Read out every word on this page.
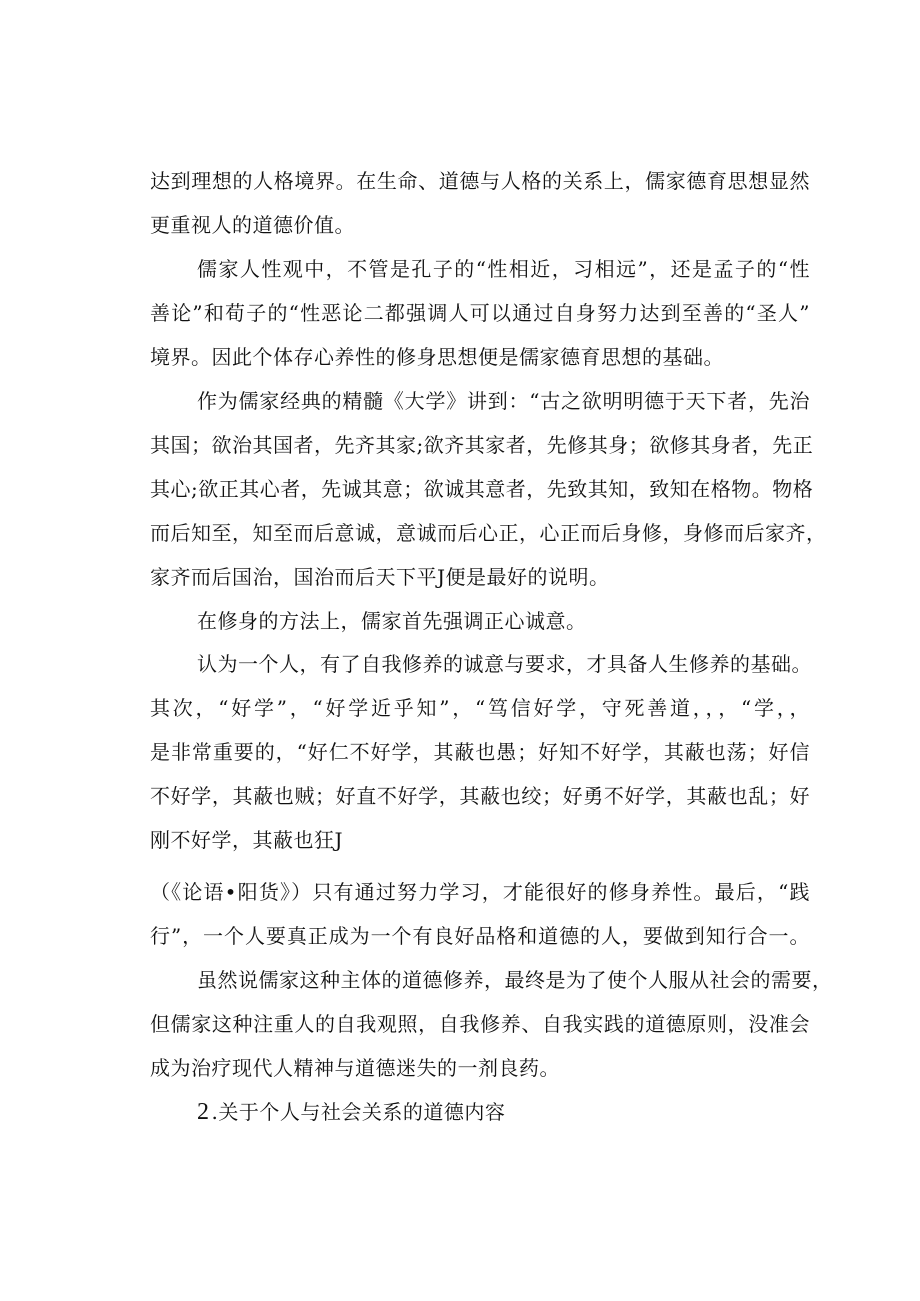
达到理想的人格境界。在生命、道德与人格的关系上，儒家德育思想显然
更重视人的道德价值。
儒家人性观中，不管是孔子的“性相近，习相远”，还是孟子的“性
善论”和荀子的“性恶论二都强调人可以通过自身努力达到至善的“圣人”
境界。因此个体存心养性的修身思想便是儒家德育思想的基础。
作为儒家经典的精髓《大学》讲到：“古之欲明明德于天下者，先治
其国；欲治其国者，先齐其家;欲齐其家者，先修其身；欲修其身者，先正
其心;欲正其心者，先诚其意；欲诚其意者，先致其知，致知在格物。物格
而后知至，知至而后意诚，意诚而后心正，心正而后身修，身修而后家齐，
家齐而后国治，国治而后天下平J便是最好的说明。
在修身的方法上，儒家首先强调正心诚意。
认为一个人，有了自我修养的诚意与要求，才具备人生修养的基础。
其次，“好学”，“好学近乎知”，“笃信好学，守死善道，，，“学，，
是非常重要的，“好仁不好学，其蔽也愚；好知不好学，其蔽也荡；好信
不好学，其蔽也贼；好直不好学，其蔽也绞；好勇不好学，其蔽也乱；好
刚不好学，其蔽也狂J
（《论语•阳货》）只有通过努力学习，才能很好的修身养性。最后，“践
行”，一个人要真正成为一个有良好品格和道德的人，要做到知行合一。
虽然说儒家这种主体的道德修养，最终是为了使个人服从社会的需要，
但儒家这种注重人的自我观照，自我修养、自我实践的道德原则，没准会
成为治疗现代人精神与道德迷失的一剂良药。
2 .关于个人与社会关系的道德内容
